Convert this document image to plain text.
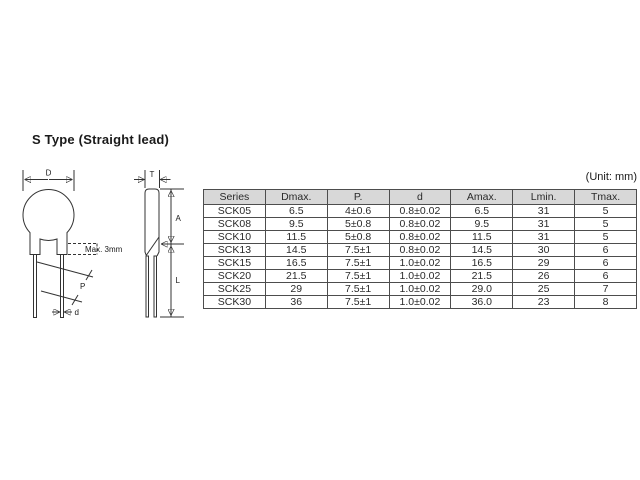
S Type (Straight lead)
D
Max. 3mm
P
d
T
A
L
(Unit: mm)
Series	Dmax.	P.	d	Amax.	Lmin.	Tmax.
SCK05	6.5	4±0.6	0.8±0.02	6.5	31	5
SCK08	9.5	5±0.8	0.8±0.02	9.5	31	5
SCK10	11.5	5±0.8	0.8±0.02	11.5	31	5
SCK13	14.5	7.5±1	0.8±0.02	14.5	30	6
SCK15	16.5	7.5±1	1.0±0.02	16.5	29	6
SCK20	21.5	7.5±1	1.0±0.02	21.5	26	6
SCK25	29	7.5±1	1.0±0.02	29.0	25	7
SCK30	36	7.5±1	1.0±0.02	36.0	23	8
